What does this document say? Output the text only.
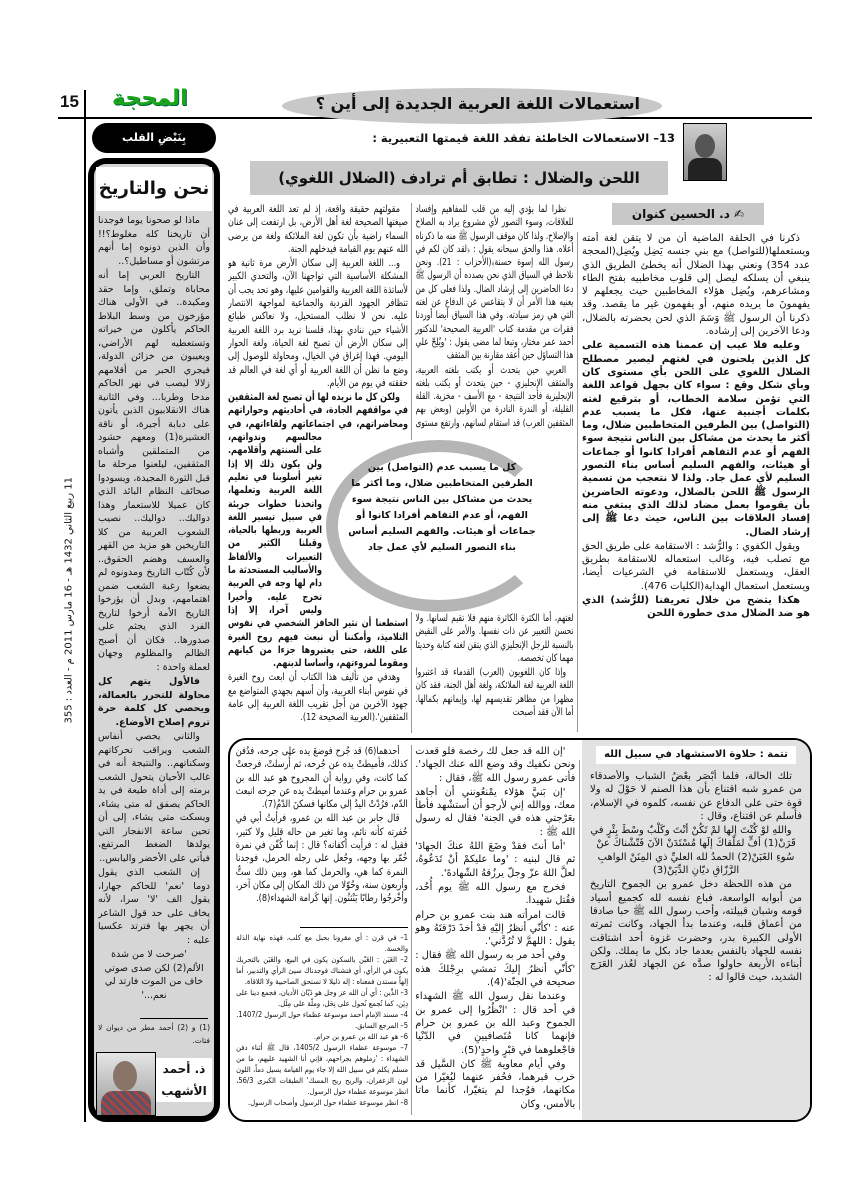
15 المحجة	استعمالات اللغة العربية الجديدة إلى أين ؟
11 ربيع الثاني 1432 هـ - 16 مارس 2011 م - العدد : 355
13– الاستعمالات الخاطئة تفقد اللغة قيمتها التعبيرية :
اللحن والضلال : تطابق أم ترادف (الضلال اللغوي)
✍ د. الحسين كنوان

ذكرنا في الحلقة الماضية أن من لا يتقن لغة أمته ويستعملها(للتواصل) مع بني جنسه يَضِل ويُضِل(المحجة عدد 354) ونعني بهذا الضلال أنه يخطئ الطريق الذي ينبغي أن يسلكه ليصل إلى قلوب مخاطبيه بفتح الطاء ومشاعرهم، ويُضِل هؤلاء المخاطبين حيث يجعلهم لا يفهمونَ ما يريده منهم، أو يفهمون غير ما يقصد. وقد ذكرنا أن الرسول ﷺ وَسَمَ الذي لحن بحضرته بالضلال، ودعا الآخرين إلى إرشاده.

وعليه فلا عيب إن عممنا هذه التسمية على كل الذين يلحنون في لغتهم ليصير مصطلح الضلال اللغوي على اللحن بأي مستوى كان وبأي شكل وقع : سواء كان بجهل قواعد اللغة التي تؤمن سلامة الخطاب، أو بترقيع لغته بكلمات أجنبية عنها، فكل ما يسبب عدم (التواصل) بين الطرفين المتخاطبين ضلال، وما أكثر ما يحدث من مشاكل بين الناس نتيجة سوء الفهم أو عدم التفاهم أفرادا كانوا أو جماعات أو هيئات، والفهم السليم أساس بناء التصور السليم لأي عمل جاد. ولذا لا نتعجب من تسمية الرسول ﷺ اللحن بالضلال، ودعوته الحاضرين بأن يقوموا بعمل مضاد لذلك الذي يبتغي منه إفساد العلاقات بين الناس، حيث دعا ﷺ إلى إرشاد الضال.

ويقول الكفوي : والرُّشد : الاستقامة على طريق الحق مع تصلب فيه، وغالب استعماله للاستقامة بطريق العقل، ويستعمل للاستقامة في الشرعيات أيضا، ويستعمل استعمال الهداية(الكليات 476).

هكذا يتضح من خلال تعريفنا (للرُّشد) الذي هو ضد الضلال مدى خطورة اللحن

نظرا لما يؤدي إليه من قلب للمفاهيم وإفساد للعلاقات، وسوء التصور لأي مشروع يراد به الصلاح والإصلاح. ولذا كان موقف الرسول ﷺ منه ما ذكرناه أعلاه. هذا والحق سبحانه يقول : ﴿لقد كان لكم في رسول الله إسوة حسنة﴾(الأحزاب : 21). ونحن نلاحظ في السياق الذي نحن بصدده أن الرسول ﷺ دعا الحاضرين إلى إرشاد الضال. ولذا فعلى كل من يعنيه هذا الأمر أن لا يتقاعس عن الدفاع عن لغته التي هي رمز سيادته. وفي هذا السياق أيضا أوردنا فقرات من مقدمة كتاب 'العربية الصحيحة' للدكتور أحمد عمر مختار، وتبعا لما مضى يقول : 'ويُلِحّ علي هذا التساؤل حين أعقد مقارنة بين المثقف

العربي حين يتحدث أو يكتب بلغته العربية، والمثقف الإنجليزي - حين يتحدث أو يكتب بلغته الإنجليزية فأجد النتيجة - مع الأسف - مخزية. القلة القليلة، أو الندرة النادرة من الأولين (وبعض بهم المثقفين العرب) قد استقام لسانهم، وارتفع مستوى لغتهم، أما الكثرة الكاثرة منهم فلا تقيم لسانها. ولا تحسن التعبير عن ذات نفسها. والأمر على النقيض بالنسبة للرجل الإنجليزي الذي يتقن لغته كتابة وحديثا مهما كان تخصصه.

وإذا كان اللغويون (العرب) القدماء قد اعتبروا اللغة العربية لغة الملائكة، ولغة أهل الجنة، فقد كان مظهرا من مظاهر تقديسهم لها، وإيمانهم بكمالها. أما الآن فقد أصبحت

مقولتهم حقيقة واقعة، إذ لم تعد اللغة العربية في صيغتها الصحيحة لغة أهل الأرض، بل ارتفعت إلى عنان السماء راضية بأن تكون لغة الملائكة ولغة من يرضى الله عنهم يوم القيامة فيدخلهم الجنة.

و... اللغة العربية إلى سكان الأرض مرة ثانية هو المشكلة الأساسية التي تواجهنا الآن، والتحدي الكبير لأساتذة اللغة العربية والقوامين عليها، وهو تحد يجب أن تتظافر الجهود الفردية والجماعية لمواجهة الانتصار عليه. نحن لا نطلب المستحيل، ولا نعاكس طبائع الأشياء حين ننادي بهذا، فلسنا نريد برد اللغة العربية إلى سكان الأرض أن تصبح لغة الحياة، ولغة الحوار اليومي. فهذا إغراق في الخيال، ومحاولة للوصول إلى وضع ما نظن أن اللغة العربية أو أي لغة في العالم قد حققته في يوم من الأيام.

ولكن كل ما نريده لها أن تصبح لغة المثقفين في مواقفهم الجادة، في أحاديثهم وحواراتهم ومحاضراتهم، في اجتماعاتهم ولقاءاتهم، في مجالسهم وندواتهم، على ألسنتهم وأقلامهم. ولن يكون ذلك إلا إذا تغير أسلوبنا في تعليم اللغة العربية وتعلمها، واتخذنا خطوات جريئة في سبيل تيسير اللغة العربية وربطها بالحياة، وقبلنا الكثير من التعبيرات والألفاظ والأساليب المستحدثة ما دام لها وجه في العربية تخرج عليه. وأخيرا وليس آخرا، إلا إذا استطعنا أن نثير الحافز الشخصي في نفوس التلاميذ، وأمكننا أن نبعث فيهم روح الغيرة على اللغة، حتى يعتبروها جزءا من كيانهم ومقوما لمروءتهم، وأساسا لدينهم.

وهدفي من تأليف هذا الكتاب أن ابعث روح الغيرة في نفوس أبناء العربية، وأن أسهم بجهدي المتواضع مع جهود الآخرين من أجل تقريب اللغة العربية إلى عامة المثقفين'.(العربية الصحيحة 12).

كل ما يسبب عدم (التواصل) بين الطرفين المتخاطبين ضلال، وما أكثر ما يحدث من مشاكل بين الناس نتيجة سوء الفهم، أو عدم التفاهم أفرادا كانوا أو جماعات أو هيئات. والفهم السليم أساس بناء التصور السليم لأي عمل جاد
تتمة : حلاوة الاستشهاد في سبيل الله

تلك الحالة، فلما أبْصَر بعْضُ الشباب والأصدقاء من عمرو شبه اقتناع بأن هذا الصنم لا حَوْلَ له ولا قوة حتى على الدفاع عن نفسه، كلموه في الإسلام، فأسلم عن اقتناع، وقال :

واللهِ لوْ كُنْتَ إلها لمْ تَكُنْ أنْتَ وكَلْبٌ وسْطَ بِئْرٍ في قَرَنْ(1) أفٍّ لمَلْقاكَ إلَها مُسْتَدَنْ الآنَ فَتّشْناكَ عنْ سُوءِ الغَبَنْ(2) الحمدُ لله العليِّ ذي المِنَنْ الواهبِ الرَّزّاقِ ديّانِ الدِّيَنْ(3)

من هذه اللحظة دخل عمرو بن الجموح التاريخ من أبوابه الواسعة، فباع نفسه لله كجميع أسياد قومه وشبان قبيلته، وأحب رسول الله ﷺ حبا صادقا من أعماق قلبه، وعندما بدأ الجهاد، وكانت ثمرته الأولى الكبيرة بدر، وحضرت غزوة أحد اشتاقت نفسه للجهاد بالنفس بعدما جاد بكل ما يملك. ولكن أبناءه الأربعة حاولوا صدَّه عن الجهاد لعُذر العَرَج الشديد، حيث قالوا له :

'إن الله قد جعل لك رخصة فلو قعدت ونحن نكفيك وقد وضع الله عنك الجهاد'. فأتى عمرو رسول الله ﷺ، فقال :

'إن بَنيَّ هؤلاء يمْنعُونني أن أجاهد معك، ووالله إني لأرجو أن أستشْهد فأطأ بعَرْجتي هذه في الجنة' فقال له رسول الله ﷺ :

'أما أنتَ فقدْ وضَعَ اللهُ عنكَ الجهادَ' ثم قال لبنيه : 'وما عليكمْ أنْ تَدَعُوهُ، لعلَّ اللهَ عزّ وجلّ يرزُقهُ الشّهادةَ'.

فخرج مع رسول الله ﷺ يوم أُحُد، فقُتل شهيدا.

قالت امرأته هند بنت عمرو بن حرام عنه : 'كأنّي أنظرُ إليْهِ قدْ أخذَ دَرْقتَهُ وهو يقول : اللهمَّ لا تُرُدَّني'.

وفي أحد مر به رسول الله ﷺ فقال : 'كأنّي أنظرُ إليكَ تمشي برِجْلكَ هذه صحيحة في الجنّة'(4).

وعندما نقل رسول الله ﷺ الشهداء في أحد قال : 'انْظُرُوا إلى عمرو بن الجموح وعبد الله بن عمرو بن حرام فإنهما كانا مُتَصافيينِ في الدّنْيا فاجْعلوهما في قبْرٍ واحدٍ'(5).

وفي أيام معاوية ﷺ كان السَّيل قد خرب قبرهما، فحُفر عنهما ليُغيّرا من مكانهما، فوُجدا لم يتغيّرا، كأنما ماتا بالأمس، وكان

أحدهما(6) قد جُرح فوضعَ يده على جرحه، فدُفن كذلك، فأميطتْ يده عن جُرحه، ثم أُرسلتْ، فرجعتْ كما كانت، وفي رواية أن المجروح هو عبد الله بن عمرو بن حرام وعندما أميطتْ يده عن جرحه انبعث الدّم، فرُدّتْ اليدُ إلى مكانها فسكنَ الدّمُ(7).

قال جابر بن عبد الله بن عمرو، فرأيتُ أبي في حُفرته كأنه نائم، وما تغير من حاله قليل ولا كثير، فقيل له : فرأيت أكفانه؟ قال : إنما كُفّن في نمرة خُمّر بها وجهه، وجُعل على رجله الحرمل، فوجدنا النمرة كما هي، والحرمل كما هو، وبين ذلك ستٌّ وأربعون سنة، وحُوّلا من ذلك المكان إلى مكان آخر، وأخْرجُوا رطابًا يَنْثنُون. إنها كَرامة الشهداء(8).

1– في قرن : أي مقرونا بحبل مع كلب، فهذه نهاية الذلة والخسة.
2– الغَبَن : الغَبْن بالسكون يكون في البيع، والغَبَن بالتحريك يكون في الرأي، أي فتشناك فوجدناك سيئ الرأي والتدبير، أما إلهاً مستدن فمعناه : إله ذليلا لا تستحق الصاحبية ولا اللاقاة.
3– الدِّين : أي أن الله عز وجل هو دَيّان الأديان، فجمع دينا على دِيَن، كما تُجمع نُحول على نِحَل، وملّة على مِلَل.
4– مسند الإمام أحمد موسوعة عظماء حول الرسول 1407/2.
5– المرجع السابق.
6– هو عبد الله بن عمرو بن حرام.
7– موسوعة عظماء الرسول 1405/2، قال ﷺ أثناء دفن الشهداء : 'زملوهم بجراحهم، فإني أنا الشهيد عليهم، ما من مسلم يكلم في سبيل الله إلا جاء يوم القيامة يسيل دماً، اللون لون الزعفران، والريح ريح المسك' الطبقات الكبرى 56/3، انظر موسوعة عظماء حول الرسول.
8– انظر موسوعة عظماء حول الرسول وأصحاب الرسول.
بِنَبْضِ القلب
نحن والتاريخ

ماذا لو صحونا يوما فوجدنا أن تاريخنا كله مغلوط؟!! وأن الذين دونوه إما أنهم مرتشون أو مساطيل؟..

التاريخ العربي إما أنه محاباة وتملق، وإما حقد ومكيدة.. في الأولى هناك مؤرخون من وسط البلاط الحاكم يأكلون من خيراته وتستعطيه لهم الأراضي، ويعيبون من خزائن الدولة، فيجري الحبر من أقلامهم زلالا ليصب في نهر الحاكم مدحا وطربا... وفي الثانية هناك الانقلابيون الذين يأتون على دبابة أجيرة، أو ناقة العشيرة(1) ومعهم حشود من المتملقين وأشباه المثقفين، ليلعنوا مرحلة ما قبل الثورة المجيدة، ويسودوا صحائف النظام البائد الذي كان عميلا للاستعمار وهذا دواليك.. دواليك.. نصيب الشعوب العربية من كلا التاريخين هو مزيد من القهر والعسف وهضم الحقوق.. لأن كُتّاب التاريخ ومدونوه لم يضعوا رغبة الشعب ضمن اهتمامهم، وبدل أن يؤرخوا التاريخ الأمة أرخوا لتاريخ الفرد الذي يجثم على صدورها.. فكان أن أصبح الظالم والمظلوم وجهان لعملة واحدة :

فالأول يتهم كل محاولة للتحرر بالعمالة، ويحصي كل كلمة حرة تروم إصلاح الأوضاع.

والثاني يحصي أنفاس الشعب ويراقب تحركاتهم وسكناتهم.. والنتيجة أنه في غالب الأحيان يتحول الشعب برمته إلى أداة طيعة في يد الحاكم يصفق له متى يشاء، ويسكت متى يشاء، إلى أن تحين ساعة الانفجار التي يولدها الضغط المرتفع، فيأتي على الأخضر واليابس..

إن الشعب الذي يقول دوما 'نعم' للحاكم جهارا، يقول الف 'لا' سرا، لأنه يخاف على حد قول الشاعر أن يجهر بها فترتد عكسيا عليه :

'صرخت لا من شدة الألم(2) لكن صدى صوتي خاف من الموت فارتد لي نعم...'

(1) و (2) أحمد مطر من ديوان لا فتات.
ذ. أحمد الأشهب
